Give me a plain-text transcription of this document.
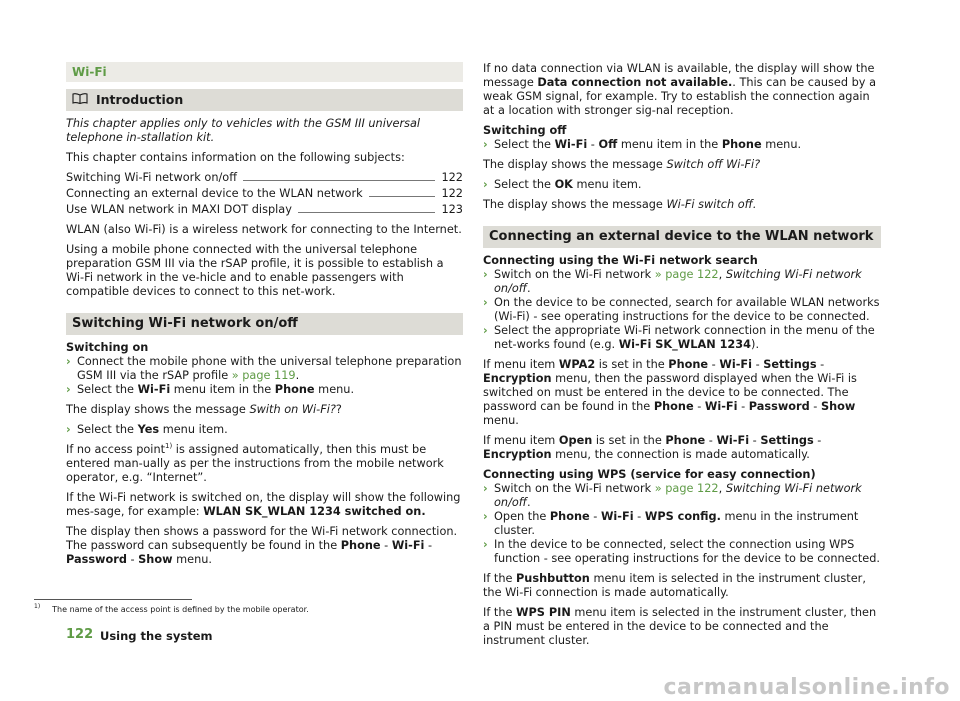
Wi-Fi
Introduction

This chapter applies only to vehicles with the GSM III universal telephone in-stallation kit.

This chapter contains information on the following subjects:

Switching Wi-Fi network on/off	122
Connecting an external device to the WLAN network	122
Use WLAN network in MAXI DOT display	123

WLAN (also Wi-Fi) is a wireless network for connecting to the Internet.

Using a mobile phone connected with the universal telephone preparation GSM III via the rSAP profile, it is possible to establish a Wi-Fi network in the ve-hicle and to enable passengers with compatible devices to connect to this net-work.

Switching Wi-Fi network on/off

Switching on

› Connect the mobile phone with the universal telephone preparation GSM III via the rSAP profile » page 119.

› Select the Wi-Fi menu item in the Phone menu.

The display shows the message Swith on Wi-Fi??

› Select the Yes menu item.

If no access point$^{1)}$ is assigned automatically, then this must be entered man-ually as per the instructions from the mobile network operator, e.g. “Internet”.

If the Wi-Fi network is switched on, the display will show the following mes-sage, for example: WLAN SK_WLAN 1234 switched on.

The display then shows a password for the Wi-Fi network connection. The password can subsequently be found in the Phone - Wi-Fi - Password - Show menu.

If no data connection via WLAN is available, the display will show the message Data connection not available.. This can be caused by a weak GSM signal, for example. Try to establish the connection again at a location with stronger sig-nal reception.

Switching off

› Select the Wi-Fi - Off menu item in the Phone menu.

The display shows the message Switch off Wi-Fi?

› Select the OK menu item.

The display shows the message Wi-Fi switch off.

Connecting an external device to the WLAN network

Connecting using the Wi-Fi network search

› Switch on the Wi-Fi network » page 122, Switching Wi-Fi network on/off.

› On the device to be connected, search for available WLAN networks (Wi-Fi) - see operating instructions for the device to be connected.

› Select the appropriate Wi-Fi network connection in the menu of the net-works found (e.g. Wi-Fi SK_WLAN 1234).

If menu item WPA2 is set in the Phone - Wi-Fi - Settings - Encryption menu, then the password displayed when the Wi-Fi is switched on must be entered in the device to be connected. The password can be found in the Phone - Wi-Fi - Password - Show menu.

If menu item Open is set in the Phone - Wi-Fi - Settings - Encryption menu, the connection is made automatically.

Connecting using WPS (service for easy connection)

› Switch on the Wi-Fi network » page 122, Switching Wi-Fi network on/off.

› Open the Phone - Wi-Fi - WPS config. menu in the instrument cluster.

› In the device to be connected, select the connection using WPS function - see operating instructions for the device to be connected.

If the Pushbutton menu item is selected in the instrument cluster, the Wi-Fi connection is made automatically.

If the WPS PIN menu item is selected in the instrument cluster, then a PIN must be entered in the device to be connected and the instrument cluster.

$^{1)}$ The name of the access point is defined by the mobile operator.
122 Using the system
carmanualsonline.info
